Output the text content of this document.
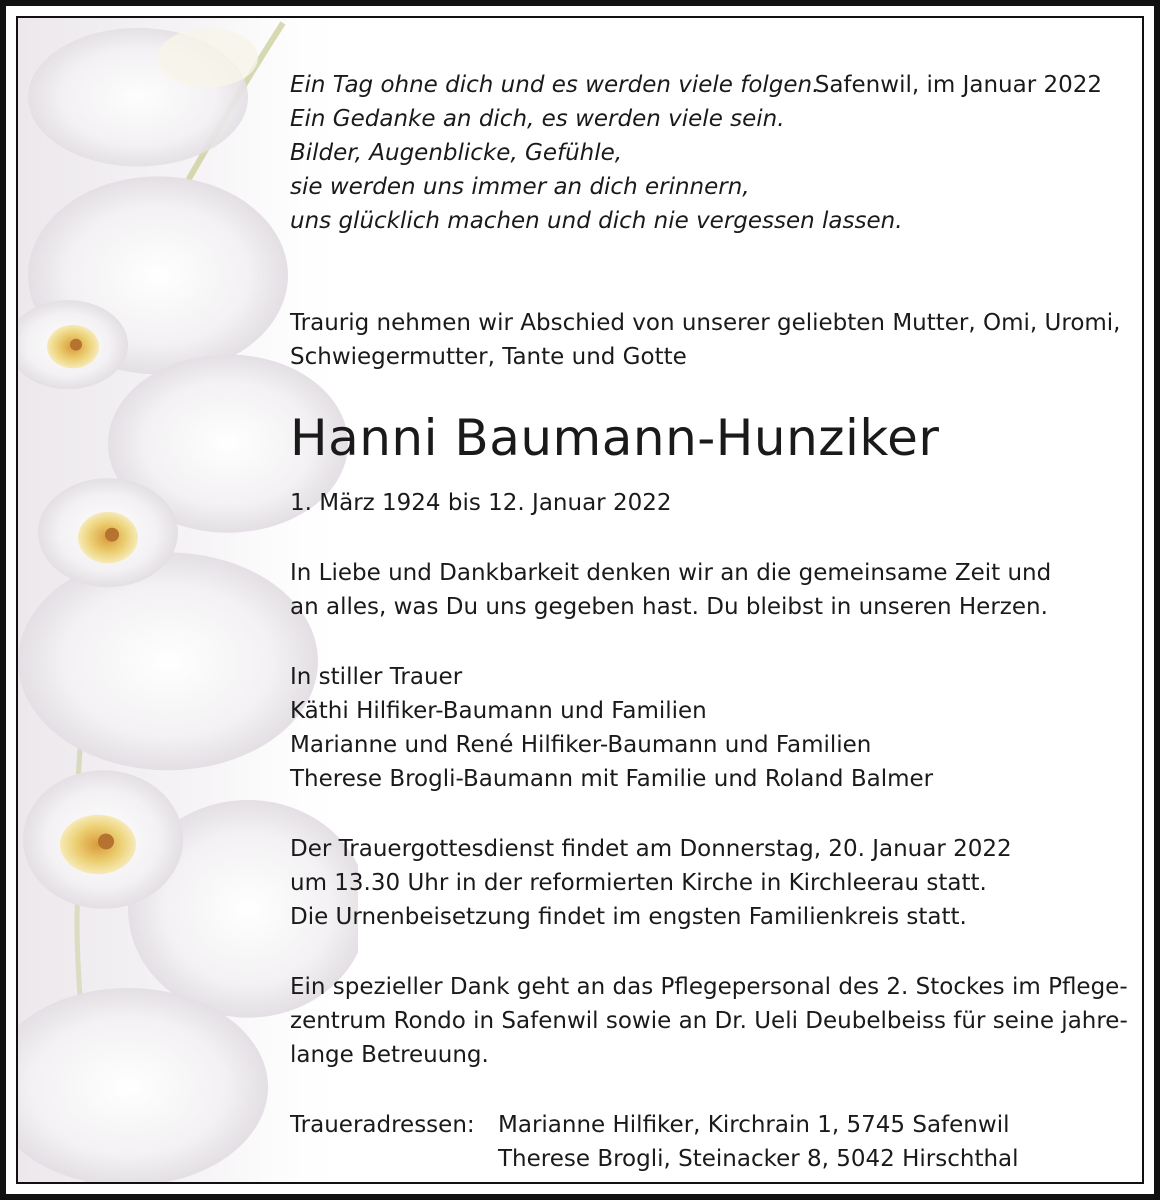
Ein Tag ohne dich und es werden viele folgen.
Safenwil, im Januar 2022
Ein Gedanke an dich, es werden viele sein.
Bilder, Augenblicke, Gefühle,
sie werden uns immer an dich erinnern,
uns glücklich machen und dich nie vergessen lassen.
Traurig nehmen wir Abschied von unserer geliebten Mutter, Omi, Uromi,
Schwiegermutter, Tante und Gotte
Hanni Baumann-Hunziker
1. März 1924 bis 12. Januar 2022
In Liebe und Dankbarkeit denken wir an die gemeinsame Zeit und
an alles, was Du uns gegeben hast. Du bleibst in unseren Herzen.
In stiller Trauer
Käthi Hilfiker-Baumann und Familien
Marianne und René Hilfiker-Baumann und Familien
Therese Brogli-Baumann mit Familie und Roland Balmer
Der Trauergottesdienst findet am Donnerstag, 20. Januar 2022
um 13.30 Uhr in der reformierten Kirche in Kirchleerau statt.
Die Urnenbeisetzung findet im engsten Familienkreis statt.
Ein spezieller Dank geht an das Pflegepersonal des 2. Stockes im Pflege-
zentrum Rondo in Safenwil sowie an Dr. Ueli Deubelbeiss für seine jahre-
lange Betreuung.
Traueradressen: Marianne Hilfiker, Kirchrain 1, 5745 Safenwil
Therese Brogli, Steinacker 8, 5042 Hirschthal
